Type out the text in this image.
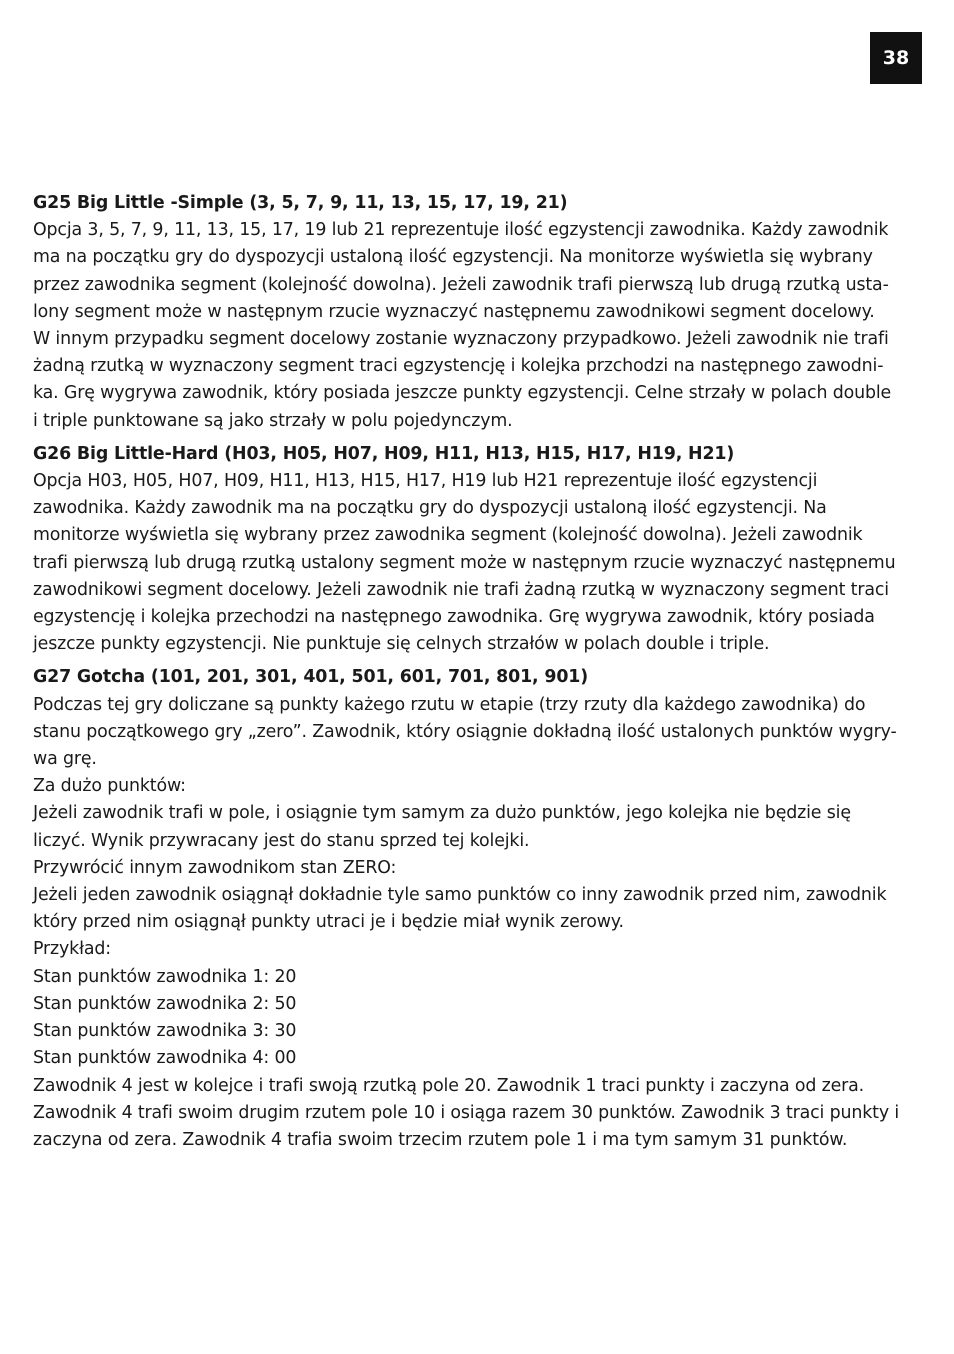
38
G25 Big Little -Simple (3, 5, 7, 9, 11, 13, 15, 17, 19, 21)
Opcja 3, 5, 7, 9, 11, 13, 15, 17, 19 lub 21 reprezentuje ilość egzystencji zawodnika. Każdy zawodnik
ma na początku gry do dyspozycji ustaloną ilość egzystencji. Na monitorze wyświetla się wybrany
przez zawodnika segment (kolejność dowolna). Jeżeli zawodnik trafi pierwszą lub drugą rzutką usta-
lony segment może w następnym rzucie wyznaczyć następnemu zawodnikowi segment docelowy.
W innym przypadku segment docelowy zostanie wyznaczony przypadkowo. Jeżeli zawodnik nie trafi
żadną rzutką w wyznaczony segment traci egzystencję i kolejka przchodzi na następnego zawodni-
ka. Grę wygrywa zawodnik, który posiada jeszcze punkty egzystencji. Celne strzały w polach double
i triple punktowane są jako strzały w polu pojedynczym.
G26 Big Little-Hard (H03, H05, H07, H09, H11, H13, H15, H17, H19, H21)
Opcja H03, H05, H07, H09, H11, H13, H15, H17, H19 lub H21 reprezentuje ilość egzystencji
zawodnika. Każdy zawodnik ma na początku gry do dyspozycji ustaloną ilość egzystencji. Na
monitorze wyświetla się wybrany przez zawodnika segment (kolejność dowolna). Jeżeli zawodnik
trafi pierwszą lub drugą rzutką ustalony segment może w następnym rzucie wyznaczyć następnemu
zawodnikowi segment docelowy. Jeżeli zawodnik nie trafi żadną rzutką w wyznaczony segment traci
egzystencję i kolejka przechodzi na następnego zawodnika. Grę wygrywa zawodnik, który posiada
jeszcze punkty egzystencji. Nie punktuje się celnych strzałów w polach double i triple.
G27 Gotcha (101, 201, 301, 401, 501, 601, 701, 801, 901)
Podczas tej gry doliczane są punkty każego rzutu w etapie (trzy rzuty dla każdego zawodnika) do
stanu początkowego gry „zero”. Zawodnik, który osiągnie dokładną ilość ustalonych punktów wygry-
wa grę.
Za dużo punktów:
Jeżeli zawodnik trafi w pole, i osiągnie tym samym za dużo punktów, jego kolejka nie będzie się
liczyć. Wynik przywracany jest do stanu sprzed tej kolejki.
Przywrócić innym zawodnikom stan ZERO:
Jeżeli jeden zawodnik osiągnął dokładnie tyle samo punktów co inny zawodnik przed nim, zawodnik
który przed nim osiągnął punkty utraci je i będzie miał wynik zerowy.
Przykład:
Stan punktów zawodnika 1: 20
Stan punktów zawodnika 2: 50
Stan punktów zawodnika 3: 30
Stan punktów zawodnika 4: 00
Zawodnik 4 jest w kolejce i trafi swoją rzutką pole 20. Zawodnik 1 traci punkty i zaczyna od zera.
Zawodnik 4 trafi swoim drugim rzutem pole 10 i osiąga razem 30 punktów. Zawodnik 3 traci punkty i
zaczyna od zera. Zawodnik 4 trafia swoim trzecim rzutem pole 1 i ma tym samym 31 punktów.
